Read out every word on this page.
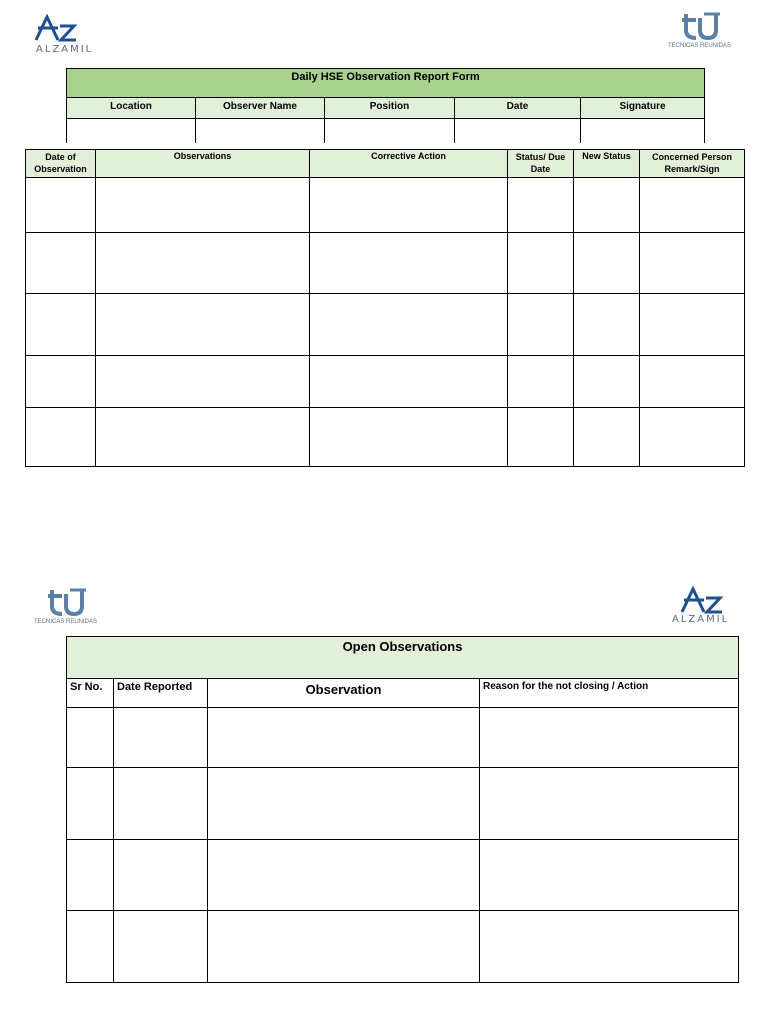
ALZAMIL	TECNICAS REUNIDAS
Daily HSE Observation Report Form				
Location	Observer Name	Position	Date	Signature

Date of Observation	Observations	Corrective Action	Status/ Due Date	New Status	Concerned Person Remark/Sign

TECNICAS REUNIDAS	ALZAMIL
Open Observations			
Sr No.	Date Reported	Observation	Reason for the not closing / Action
